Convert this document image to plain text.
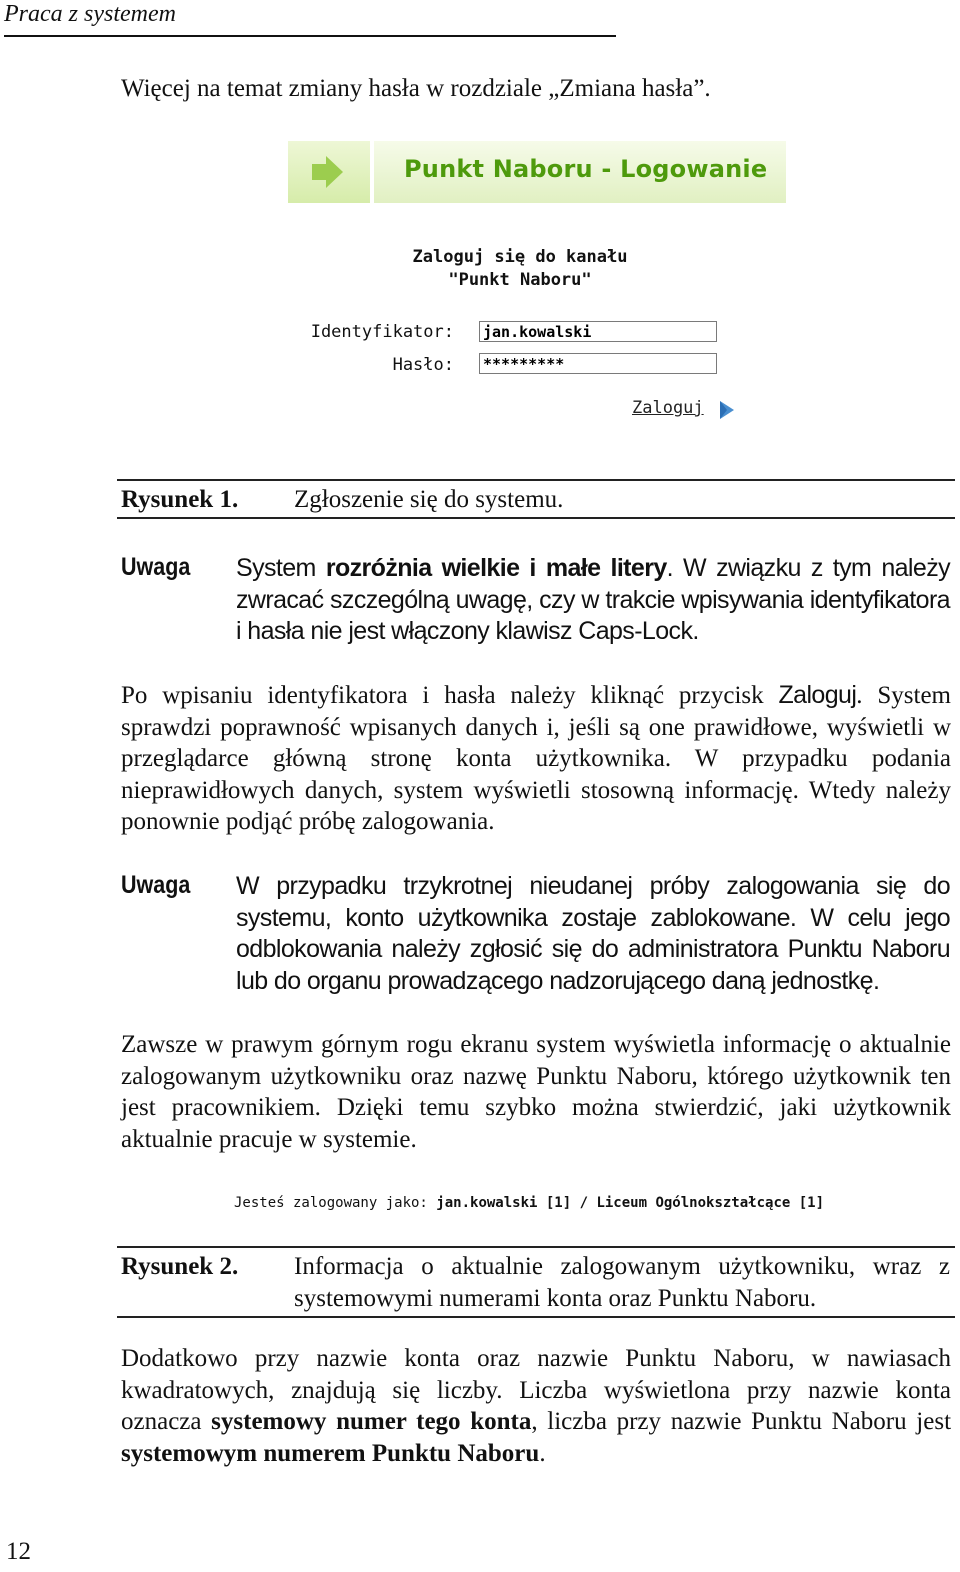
Praca z systemem
Więcej na temat zmiany hasła w rozdziale „Zmiana hasła”.
Punkt Naboru - Logowanie
Zaloguj się do kanału
"Punkt Naboru"
Identyfikator: jan.kowalski
Hasło: *********
Zaloguj
Rysunek 1. Zgłoszenie się do systemu.
Uwaga System rozróżnia wielkie i małe litery. W związku z tym należy zwracać szczególną uwagę, czy w trakcie wpisywania identyfikatora i hasła nie jest włączony klawisz Caps-Lock.
Po wpisaniu identyfikatora i hasła należy kliknąć przycisk Zaloguj. System sprawdzi poprawność wpisanych danych i, jeśli są one prawidłowe, wyświetli w przeglądarce główną stronę konta użytkownika. W przypadku podania nieprawidłowych danych, system wyświetli stosowną informację. Wtedy należy ponownie podjąć próbę zalogowania.
Uwaga W przypadku trzykrotnej nieudanej próby zalogowania się do systemu, konto użytkownika zostaje zablokowane. W celu jego odblokowania należy zgłosić się do administratora Punktu Naboru lub do organu prowadzącego nadzorującego daną jednostkę.
Zawsze w prawym górnym rogu ekranu system wyświetla informację o aktualnie zalogowanym użytkowniku oraz nazwę Punktu Naboru, którego użytkownik ten jest pracownikiem. Dzięki temu szybko można stwierdzić, jaki użytkownik aktualnie pracuje w systemie.
Jesteś zalogowany jako: jan.kowalski [1] / Liceum Ogólnokształcące [1]
Rysunek 2. Informacja o aktualnie zalogowanym użytkowniku, wraz z systemowymi numerami konta oraz Punktu Naboru.
Dodatkowo przy nazwie konta oraz nazwie Punktu Naboru, w nawiasach kwadratowych, znajdują się liczby. Liczba wyświetlona przy nazwie konta oznacza systemowy numer tego konta, liczba przy nazwie Punktu Naboru jest systemowym numerem Punktu Naboru.
12
